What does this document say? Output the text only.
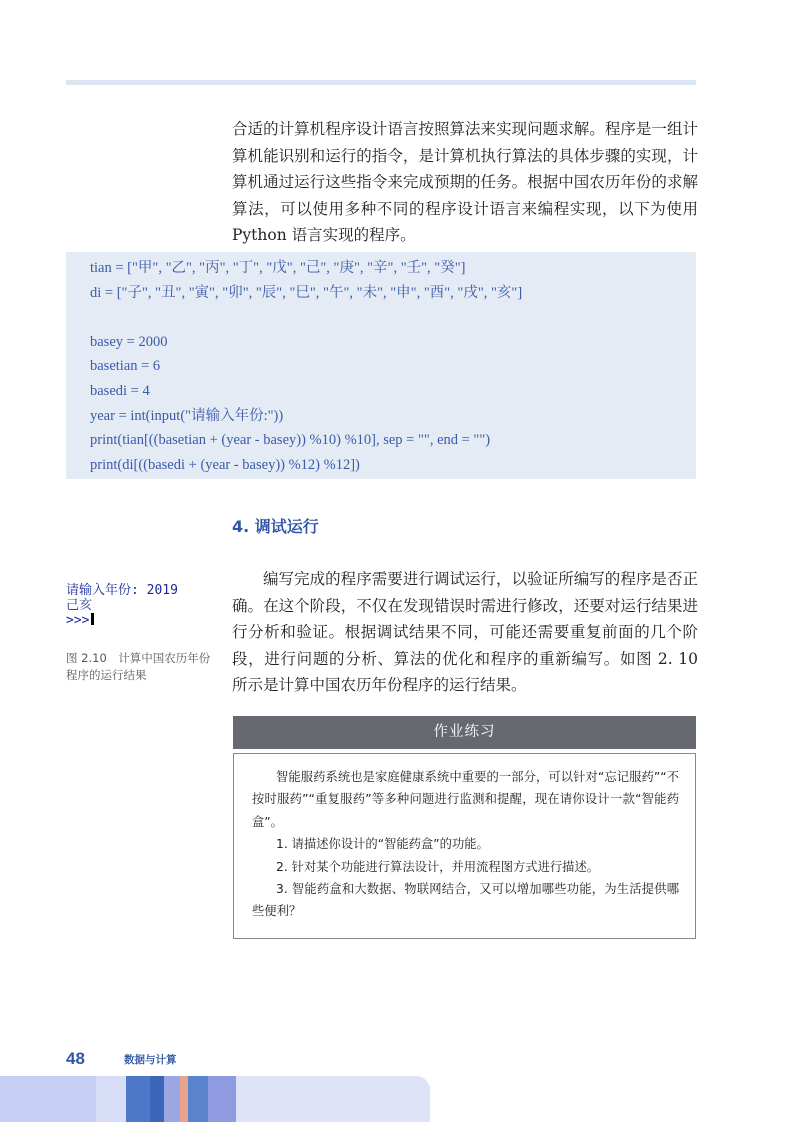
合适的计算机程序设计语言按照算法来实现问题求解。程序是一组计算机能识别和运行的指令，是计算机执行算法的具体步骤的实现，计算机通过运行这些指令来完成预期的任务。根据中国农历年份的求解算法，可以使用多种不同的程序设计语言来编程实现，以下为使用 Python 语言实现的程序。

tian = ["甲", "乙", "丙", "丁", "戊", "己", "庚", "辛", "壬", "癸"]
di = ["子", "丑", "寅", "卯", "辰", "巳", "午", "未", "申", "酉", "戌", "亥"]
basey = 2000
basetian = 6
basedi = 4
year = int(input("请输入年份:"))
print(tian[((basetian + (year - basey)) %10) %10], sep = "", end = "")
print(di[((basedi + (year - basey)) %12) %12])
4. 调试运行
请输入年份: 2019
己亥
>>>
图 2.10　计算中国农历年份程序的运行结果

编写完成的程序需要进行调试运行，以验证所编写的程序是否正确。在这个阶段，不仅在发现错误时需进行修改，还要对运行结果进行分析和验证。根据调试结果不同，可能还需要重复前面的几个阶段，进行问题的分析、算法的优化和程序的重新编写。如图 2. 10 所示是计算中国农历年份程序的运行结果。

作业练习

智能服药系统也是家庭健康系统中重要的一部分，可以针对“忘记服药”“不按时服药”“重复服药”等多种问题进行监测和提醒，现在请你设计一款“智能药盒”。

1. 请描述你设计的“智能药盒”的功能。

2. 针对某个功能进行算法设计，并用流程图方式进行描述。

3. 智能药盒和大数据、物联网结合，又可以增加哪些功能，为生活提供哪些便利？

48	数据与计算
